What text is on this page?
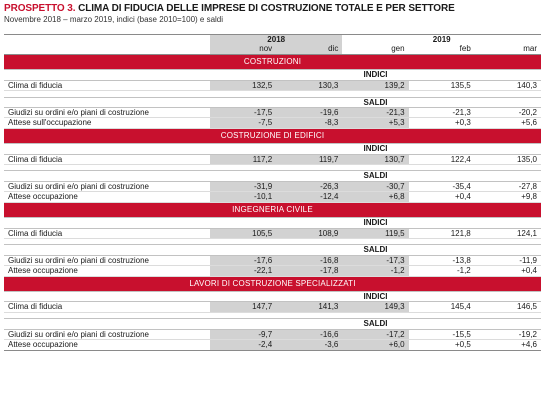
PROSPETTO 3. CLIMA DI FIDUCIA DELLE IMPRESE DI COSTRUZIONE TOTALE E PER SETTORE
Novembre 2018 – marzo 2019, indici (base 2010=100) e saldi
	2018		2019		
	nov	dic	gen	feb	mar
COSTRUZIONI					
	INDICI				
Clima di fiducia	132,5	130,3	139,2	135,5	140,3

	SALDI				
Giudizi su ordini e/o piani di costruzione	-17,5	-19,6	-21,3	-21,3	-20,2
Attese sull'occupazione	-7,5	-8,3	+5,3	+0,3	+5,6
COSTRUZIONE DI EDIFICI					
	INDICI				
Clima di fiducia	117,2	119,7	130,7	122,4	135,0

	SALDI				
Giudizi su ordini e/o piani di costruzione	-31,9	-26,3	-30,7	-35,4	-27,8
Attese occupazione	-10,1	-12,4	+6,8	+0,4	+9,8
INGEGNERIA CIVILE					
	INDICI				
Clima di fiducia	105,5	108,9	119,5	121,8	124,1

	SALDI				
Giudizi su ordini e/o piani di costruzione	-17,6	-16,8	-17,3	-13,8	-11,9
Attese occupazione	-22,1	-17,8	-1,2	-1,2	+0,4
LAVORI DI COSTRUZIONE SPECIALIZZATI					
	INDICI				
Clima di fiducia	147,7	141,3	149,3	145,4	146,5

	SALDI				
Giudizi su ordini e/o piani di costruzione	-9,7	-16,6	-17,2	-15,5	-19,2
Attese occupazione	-2,4	-3,6	+6,0	+0,5	+4,6
